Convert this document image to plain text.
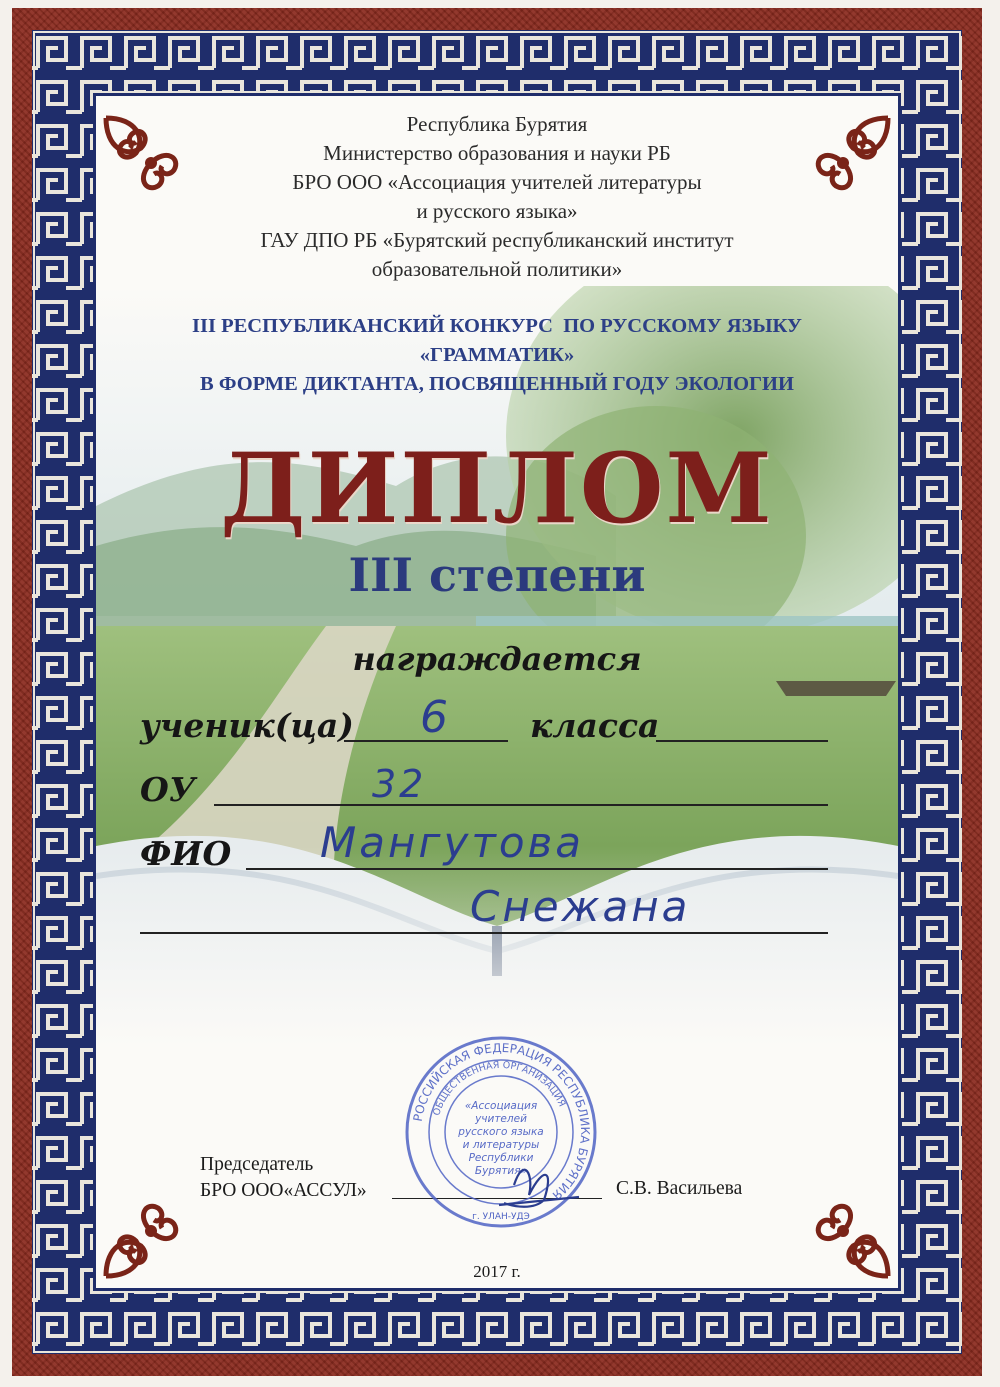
Республика Бурятия
Министерство образования и науки РБ
БРО ООО «Ассоциация учителей литературы
и русского языка»
ГАУ ДПО РБ «Бурятский республиканский институт
образовательной политики»
III РЕСПУБЛИКАНСКИЙ КОНКУРС  ПО РУССКОМУ ЯЗЫКУ
«ГРАММАТИК»
В ФОРМЕ ДИКТАНТА, ПОСВЯЩЕННЫЙ ГОДУ ЭКОЛОГИИ
ДИПЛОМ
III степени
награждается
ученик(ца) 6 класса
ОУ	32
ФИО Мангутова
Снежана
Председатель
БРО ООО«АССУЛ»	С.В. Васильева
РОССИЙСКАЯ ФЕДЕРАЦИЯ РЕСПУБЛИКА БУРЯТИЯ
ОБЩЕСТВЕННАЯ ОРГАНИЗАЦИЯ
«Ассоциация
учителей
русского языка
и литературы
Республики
Бурятия»
г. УЛАН-УДЭ
2017 г.
